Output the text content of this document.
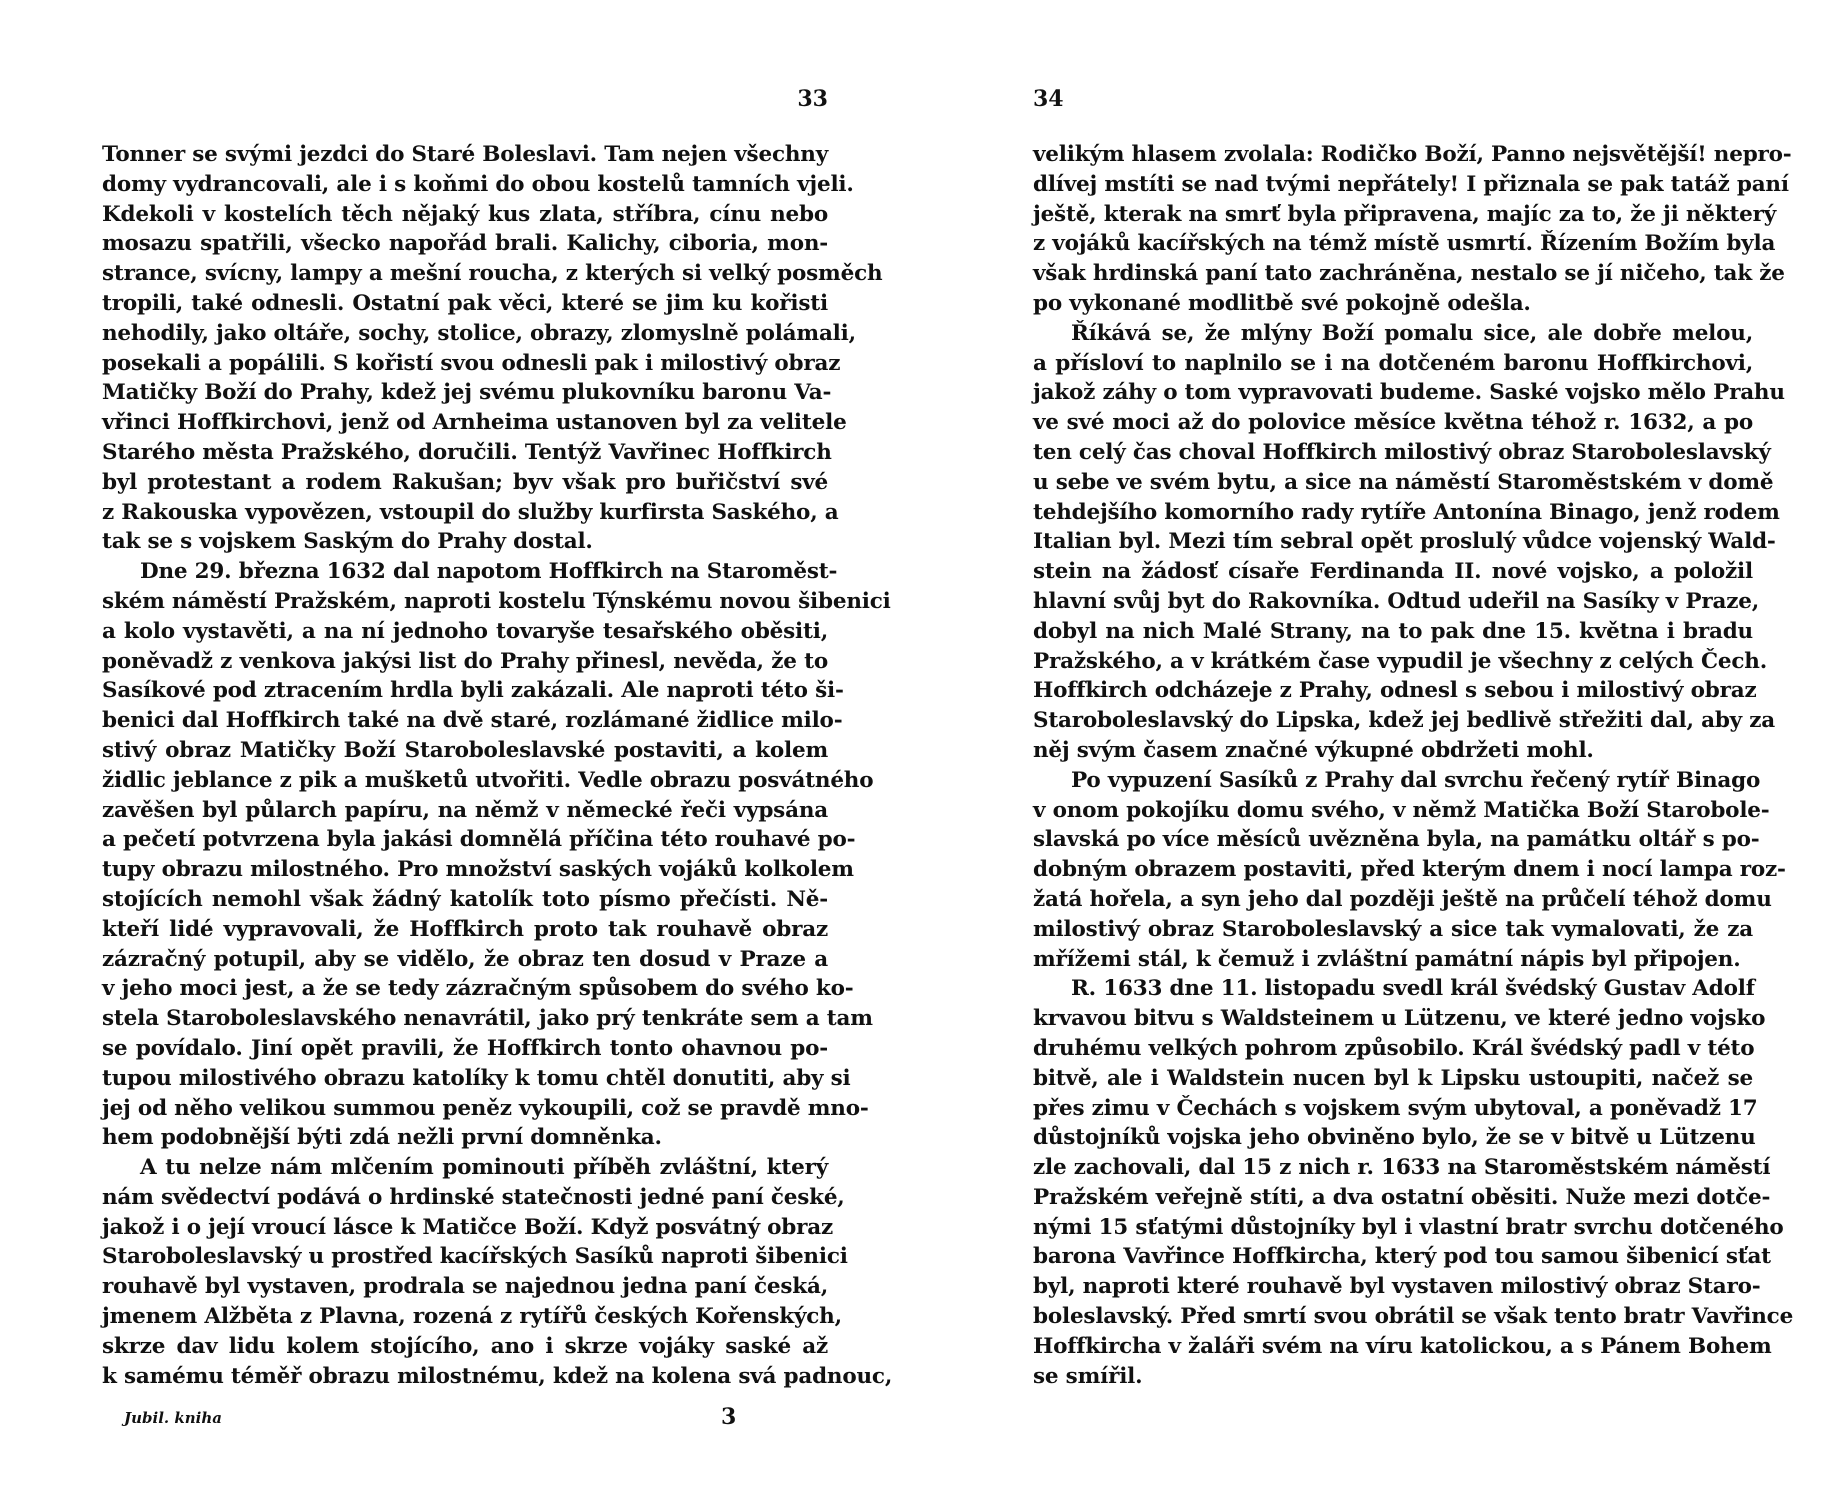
33
Tonner se svými jezdci do Staré Boleslavi. Tam nejen všechny
domy vydrancovali, ale i s koňmi do obou kostelů tamních vjeli.
Kdekoli v kostelích těch nějaký kus zlata, stříbra, cínu nebo
mosazu spatřili, všecko napořád brali. Kalichy, ciboria, mon-
strance, svícny, lampy a mešní roucha, z kterých si velký posměch
tropili, také odnesli. Ostatní pak věci, které se jim ku kořisti
nehodily, jako oltáře, sochy, stolice, obrazy, zlomyslně polámali,
posekali a popálili. S kořistí svou odnesli pak i milostivý obraz
Matičky Boží do Prahy, kdež jej svému plukovníku baronu Va-
vřinci Hoffkirchovi, jenž od Arnheima ustanoven byl za velitele
Starého města Pražského, doručili. Tentýž Vavřinec Hoffkirch
byl protestant a rodem Rakušan; byv však pro buřičství své
z Rakouska vypovězen, vstoupil do služby kurfirsta Saského, a
tak se s vojskem Saským do Prahy dostal.
Dne 29. března 1632 dal napotom Hoffkirch na Staroměst-
ském náměstí Pražském, naproti kostelu Týnskému novou šibenici
a kolo vystavěti, a na ní jednoho tovaryše tesařského oběsiti,
poněvadž z venkova jakýsi list do Prahy přinesl, nevěda, že to
Sasíkové pod ztracením hrdla byli zakázali. Ale naproti této ši-
benici dal Hoffkirch také na dvě staré, rozlámané židlice milo-
stivý obraz Matičky Boží Staroboleslavské postaviti, a kolem
židlic jeblance z pik a mušketů utvořiti. Vedle obrazu posvátného
zavěšen byl půlarch papíru, na němž v německé řeči vypsána
a pečetí potvrzena byla jakási domnělá příčina této rouhavé po-
tupy obrazu milostného. Pro množství saských vojáků kolkolem
stojících nemohl však žádný katolík toto písmo přečísti. Ně-
kteří lidé vypravovali, že Hoffkirch proto tak rouhavě obraz
zázračný potupil, aby se vidělo, že obraz ten dosud v Praze a
v jeho moci jest, a že se tedy zázračným spůsobem do svého ko-
stela Staroboleslavského nenavrátil, jako prý tenkráte sem a tam
se povídalo. Jiní opět pravili, že Hoffkirch tonto ohavnou po-
tupou milostivého obrazu katolíky k tomu chtěl donutiti, aby si
jej od něho velikou summou peněz vykoupili, což se pravdě mno-
hem podobnější býti zdá nežli první domněnka.
A tu nelze nám mlčením pominouti příběh zvláštní, který
nám svědectví podává o hrdinské statečnosti jedné paní české,
jakož i o její vroucí lásce k Matičce Boží. Když posvátný obraz
Staroboleslavský u prostřed kacířských Sasíků naproti šibenici
rouhavě byl vystaven, prodrala se najednou jedna paní česká,
jmenem Alžběta z Plavna, rozená z rytířů českých Kořenských,
skrze dav lidu kolem stojícího, ano i skrze vojáky saské až
k samému téměř obrazu milostnému, kdež na kolena svá padnouc,
Jubil. kniha	3
34
velikým hlasem zvolala: Rodičko Boží, Panno nejsvětější! nepro-
dlívej mstíti se nad tvými nepřátely! I přiznala se pak tatáž paní
ještě, kterak na smrť byla připravena, majíc za to, že ji některý
z vojáků kacířských na témž místě usmrtí. Řízením Božím byla
však hrdinská paní tato zachráněna, nestalo se jí ničeho, tak že
po vykonané modlitbě své pokojně odešla.
Říkává se, že mlýny Boží pomalu sice, ale dobře melou,
a přísloví to naplnilo se i na dotčeném baronu Hoffkirchovi,
jakož záhy o tom vypravovati budeme. Saské vojsko mělo Prahu
ve své moci až do polovice měsíce května téhož r. 1632, a po
ten celý čas choval Hoffkirch milostivý obraz Staroboleslavský
u sebe ve svém bytu, a sice na náměstí Staroměstském v domě
tehdejšího komorního rady rytíře Antonína Binago, jenž rodem
Italian byl. Mezi tím sebral opět proslulý vůdce vojenský Wald-
stein na žádosť císaře Ferdinanda II. nové vojsko, a položil
hlavní svůj byt do Rakovníka. Odtud udeřil na Sasíky v Praze,
dobyl na nich Malé Strany, na to pak dne 15. května i bradu
Pražského, a v krátkém čase vypudil je všechny z celých Čech.
Hoffkirch odcházeje z Prahy, odnesl s sebou i milostivý obraz
Staroboleslavský do Lipska, kdež jej bedlivě střežiti dal, aby za
něj svým časem značné výkupné obdržeti mohl.
Po vypuzení Sasíků z Prahy dal svrchu řečený rytíř Binago
v onom pokojíku domu svého, v němž Matička Boží Starobole-
slavská po více měsíců uvězněna byla, na památku oltář s po-
dobným obrazem postaviti, před kterým dnem i nocí lampa roz-
žatá hořela, a syn jeho dal později ještě na průčelí téhož domu
milostivý obraz Staroboleslavský a sice tak vymalovati, že za
mřížemi stál, k čemuž i zvláštní památní nápis byl připojen.
R. 1633 dne 11. listopadu svedl král švédský Gustav Adolf
krvavou bitvu s Waldsteinem u Lützenu, ve které jedno vojsko
druhému velkých pohrom způsobilo. Král švédský padl v této
bitvě, ale i Waldstein nucen byl k Lipsku ustoupiti, načež se
přes zimu v Čechách s vojskem svým ubytoval, a poněvadž 17
důstojníků vojska jeho obviněno bylo, že se v bitvě u Lützenu
zle zachovali, dal 15 z nich r. 1633 na Staroměstském náměstí
Pražském veřejně stíti, a dva ostatní oběsiti. Nuže mezi dotče-
nými 15 sťatými důstojníky byl i vlastní bratr svrchu dotčeného
barona Vavřince Hoffkircha, který pod tou samou šibenicí sťat
byl, naproti které rouhavě byl vystaven milostivý obraz Staro-
boleslavský. Před smrtí svou obrátil se však tento bratr Vavřince
Hoffkircha v žaláři svém na víru katolickou, a s Pánem Bohem
se smířil.
